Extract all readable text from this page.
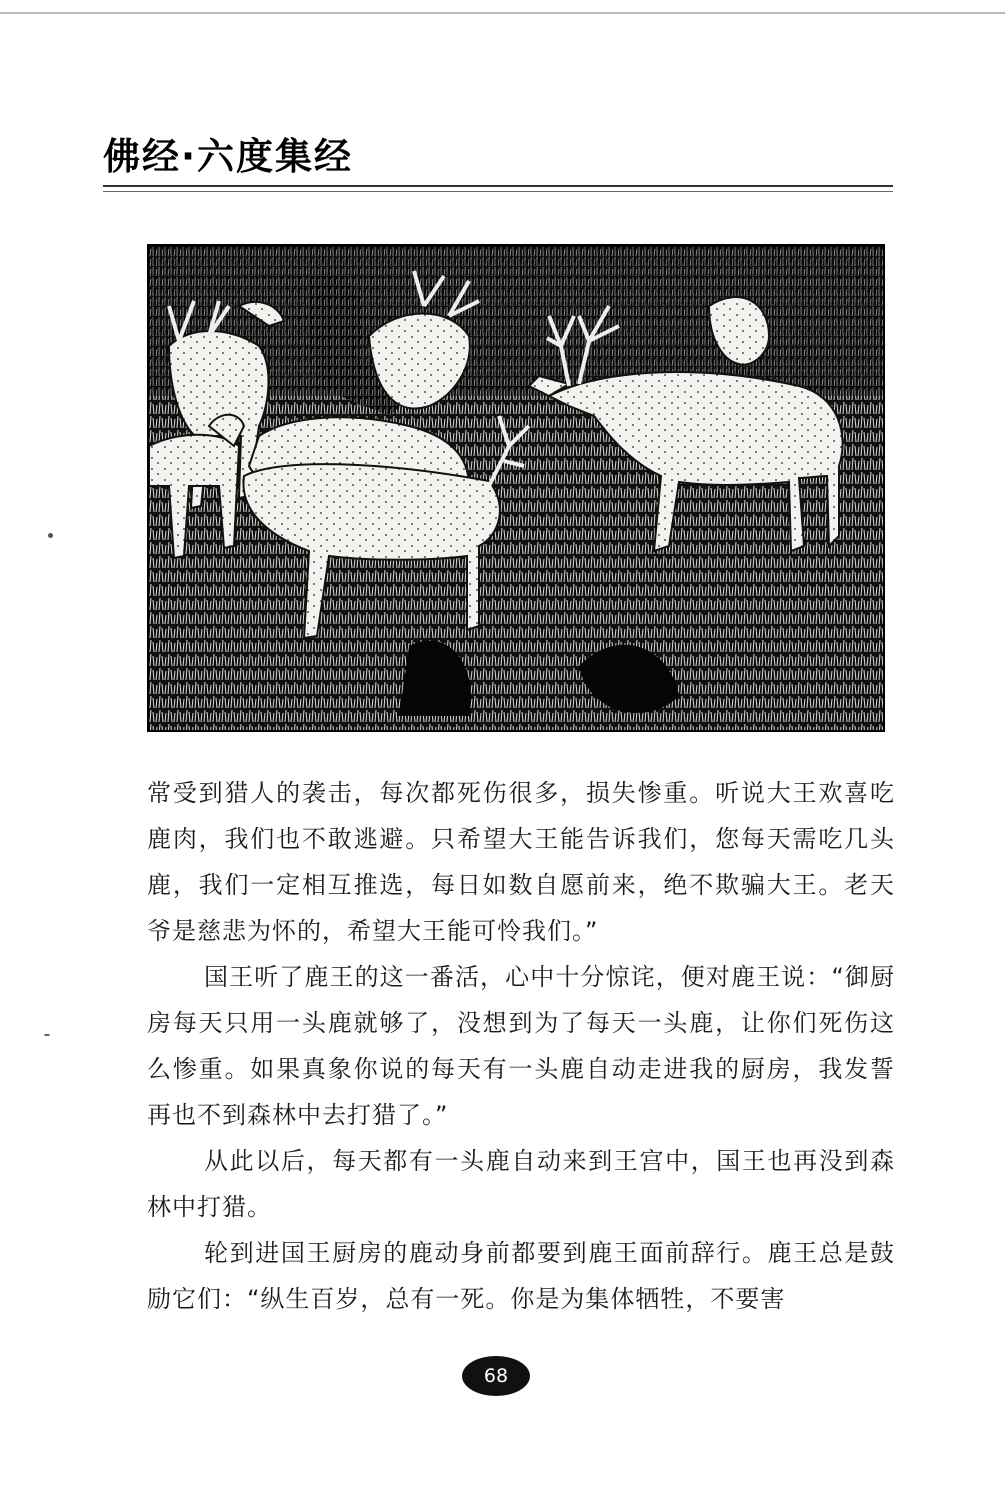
佛经·六度集经

常受到猎人的袭击，每次都死伤很多，损失惨重。听说大王欢喜吃鹿肉，我们也不敢逃避。只希望大王能告诉我们，您每天需吃几头鹿，我们一定相互推选，每日如数自愿前来，绝不欺骗大王。老天爷是慈悲为怀的，希望大王能可怜我们。”

国王听了鹿王的这一番活，心中十分惊诧，便对鹿王说：“御厨房每天只用一头鹿就够了，没想到为了每天一头鹿，让你们死伤这么惨重。如果真象你说的每天有一头鹿自动走进我的厨房，我发誓再也不到森林中去打猎了。”

从此以后，每天都有一头鹿自动来到王宫中，国王也再没到森林中打猎。

轮到进国王厨房的鹿动身前都要到鹿王面前辞行。鹿王总是鼓励它们：“纵生百岁，总有一死。你是为集体牺牲，不要害

68
